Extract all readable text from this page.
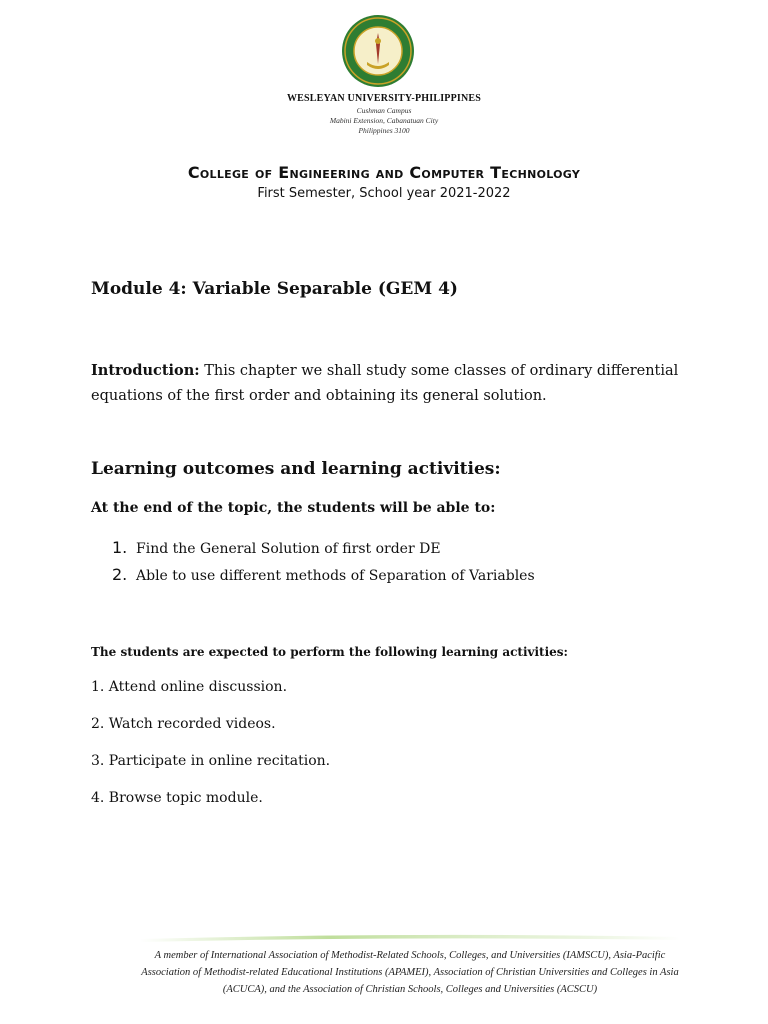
WESLEYAN UNIVERSITY-PHILIPPINES
Cushman Campus
Mabini Extension, Cabanatuan City
Philippines 3100
College of Engineering and Computer Technology
First Semester, School year 2021-2022
Module 4: Variable Separable (GEM 4)
Introduction: This chapter we shall study some classes of ordinary differential equations of the first order and obtaining its general solution.
Learning outcomes and learning activities:
At the end of the topic, the students will be able to:
1. Find the General Solution of first order DE
2. Able to use different methods of Separation of Variables
The students are expected to perform the following learning activities:
1. Attend online discussion.
2. Watch recorded videos.
3. Participate in online recitation.
4. Browse topic module.
A member of International Association of Methodist-Related Schools, Colleges, and Universities (IAMSCU), Asia-Pacific Association of Methodist-related Educational Institutions (APAMEI), Association of Christian Universities and Colleges in Asia (ACUCA), and the Association of Christian Schools, Colleges and Universities (ACSCU)
